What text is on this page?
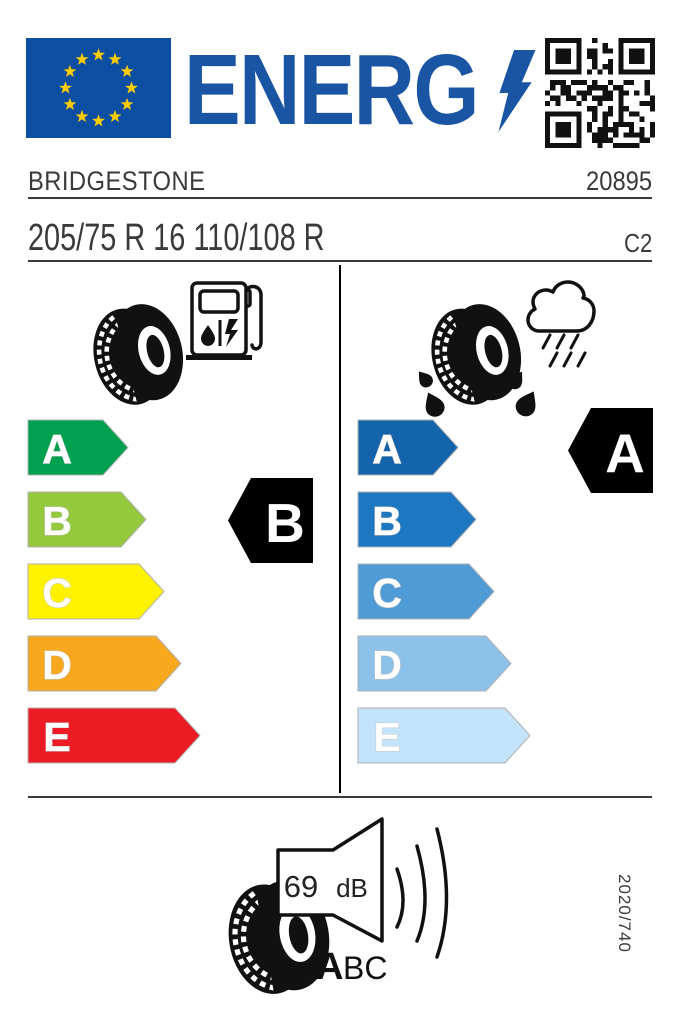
ENERG
BRIDGESTONE	20895
205/75 R 16 110/108 R	C2
A
B
C
D
E
B
A
B
C
D
E
A
69 dB
A BC
2020/740
